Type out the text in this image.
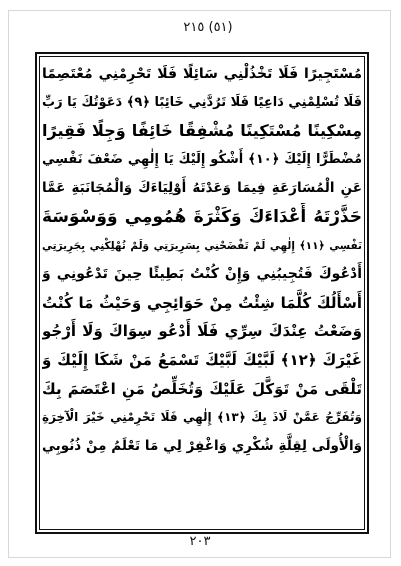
(٥١) ٢١٥
مُسْتَجِيرًا فَلَا تَخْذُلْنِي سَائِلًا فَلَا تَحْرِمْنِي مُعْتَصِمًا
فَلَا تُسْلِمْنِي دَاعِيًا فَلَا تَرُدَّنِي خَائِبًا ﴿٩﴾ دَعَوْتُكَ يَا رَبِّ
مِسْكِينًا مُسْتَكِينًا مُشْفِقًا خَائِفًا وَجِلًا فَقِيرًا
مُضْطَرًّا إِلَيْكَ ﴿١٠﴾ أَشْكُو إِلَيْكَ يَا إِلٰهِي ضَعْفَ نَفْسِي
عَنِ الْمُسَارَعَةِ فِيمَا وَعَدْتَهُ أَوْلِيَاءَكَ وَالْمُجَانَبَةِ عَمَّا
حَذَّرْتَهُ أَعْدَاءَكَ وَكَثْرَةَ هُمُومِي وَوَسْوَسَةَ
نَفْسِي ﴿١١﴾ إِلٰهِي لَمْ تَفْضَحْنِي بِسَرِيرَتِي وَلَمْ تُهْلِكْنِي بِجَرِيرَتِي
أَدْعُوكَ فَتُجِيبُنِي وَإِنْ كُنْتُ بَطِيئًا حِينَ تَدْعُونِي وَ
أَسْأَلُكَ كُلَّمَا شِئْتُ مِنْ حَوَائِجِي وَحَيْثُ مَا كُنْتُ
وَضَعْتُ عِنْدَكَ سِرِّي فَلَا أَدْعُو سِوَاكَ وَلَا أَرْجُو
غَيْرَكَ ﴿١٢﴾ لَبَّيْكَ لَبَّيْكَ تَسْمَعُ مَنْ شَكَا إِلَيْكَ وَ
تَلْقَى مَنْ تَوَكَّلَ عَلَيْكَ وَتُخَلِّصُ مَنِ اعْتَصَمَ بِكَ
وَتُفَرِّجُ عَمَّنْ لَاذَ بِكَ ﴿١٣﴾ إِلٰهِي فَلَا تَحْرِمْنِي خَيْرَ الْآخِرَةِ
وَالْأُولَى لِقِلَّةِ شُكْرِي وَاغْفِرْ لِي مَا تَعْلَمُ مِنْ ذُنُوبِي
٢٠٣
